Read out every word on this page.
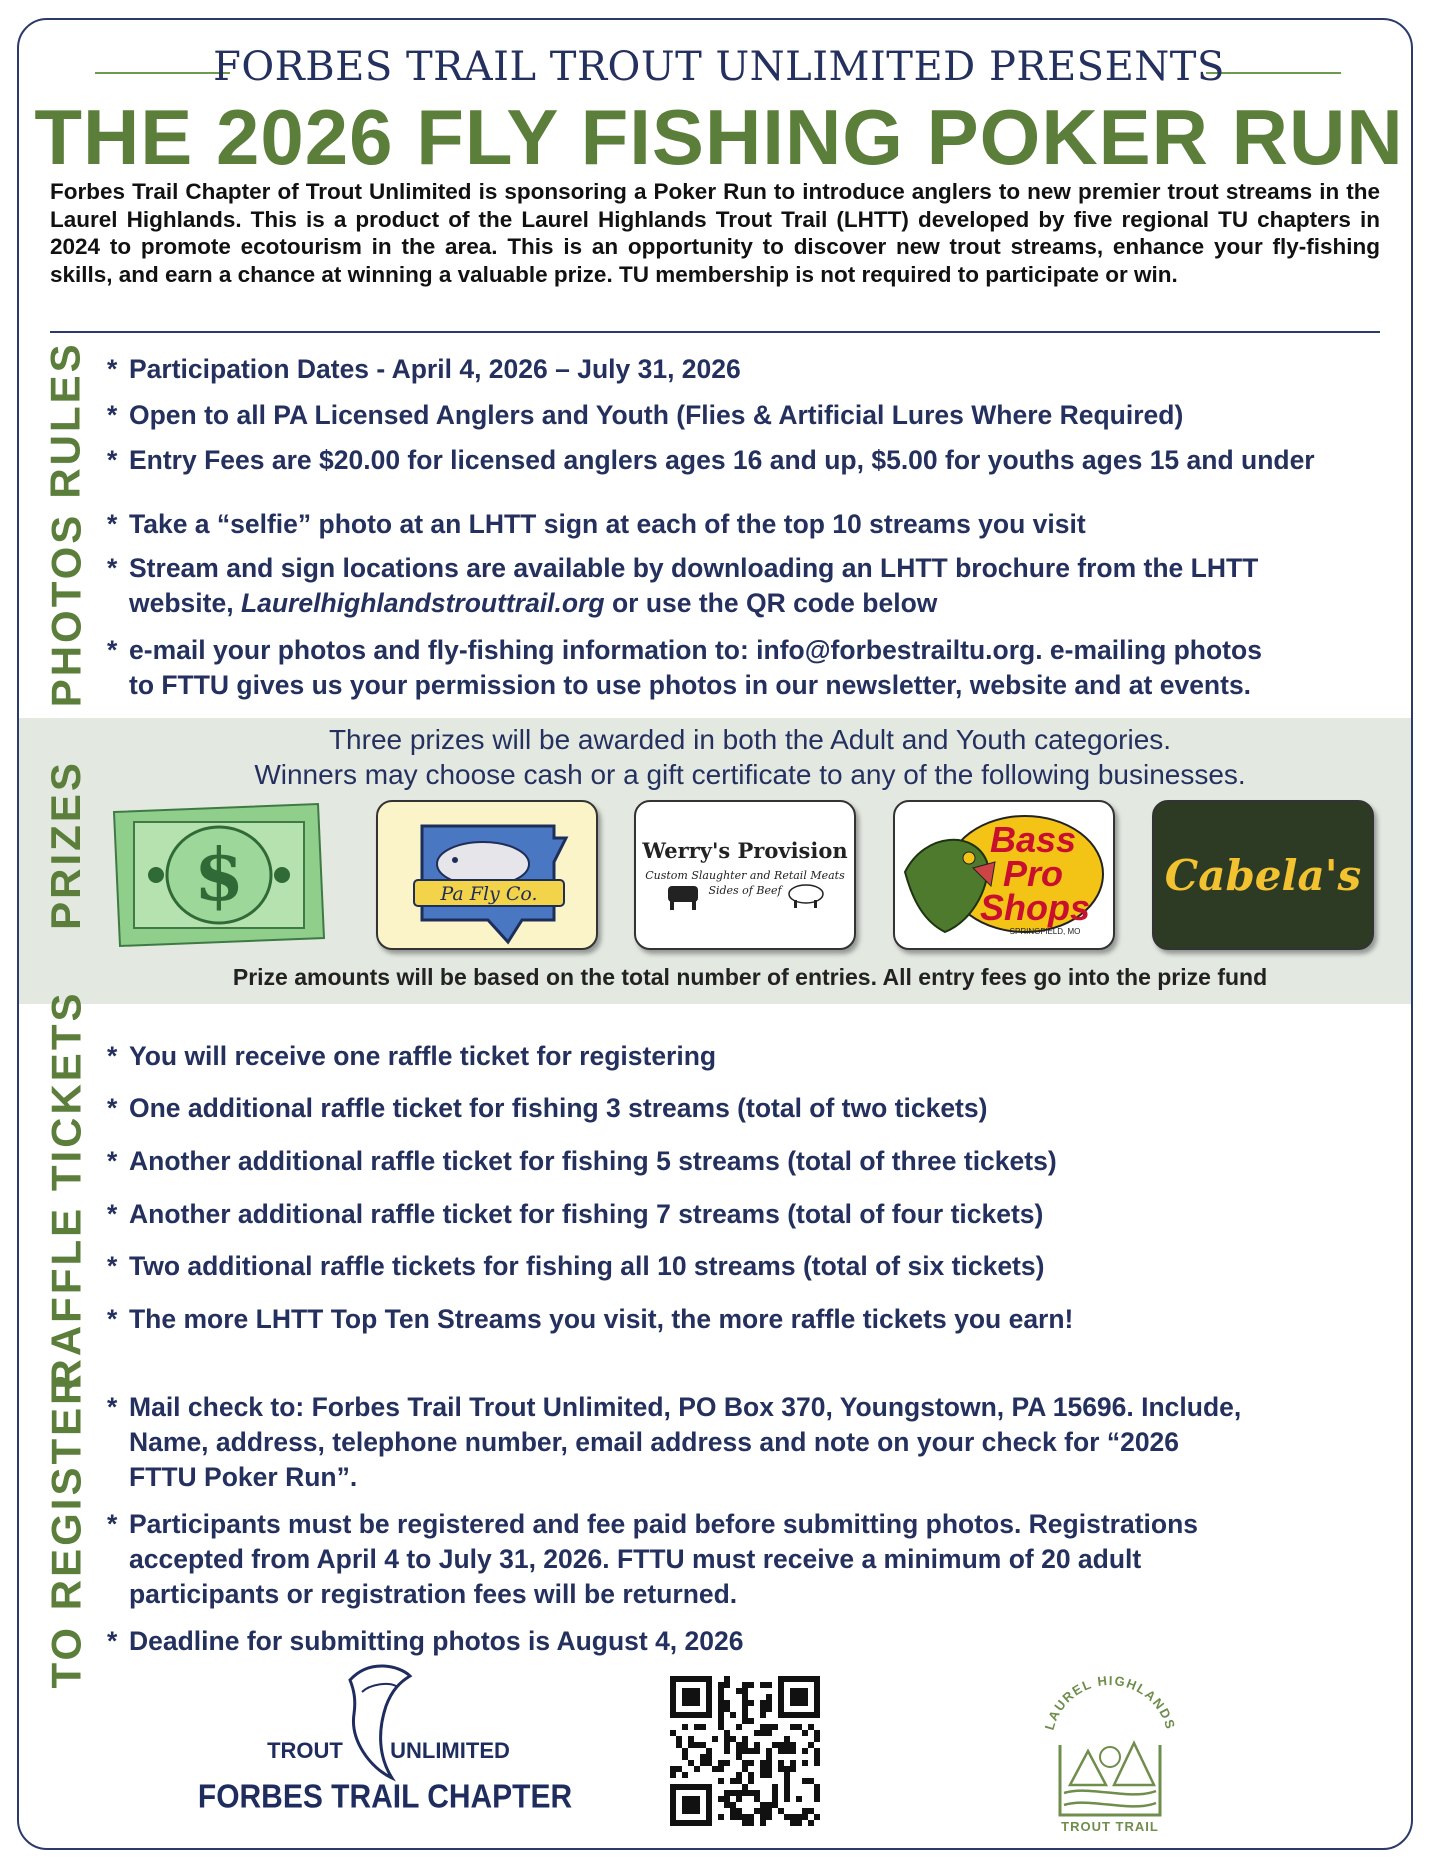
FORBES TRAIL TROUT UNLIMITED PRESENTS
THE 2026 FLY FISHING POKER RUN
Forbes Trail Chapter of Trout Unlimited is sponsoring a Poker Run to introduce anglers to new premier trout streams in the Laurel Highlands. This is a product of the Laurel Highlands Trout Trail (LHTT) developed by five regional TU chapters in 2024 to promote ecotourism in the area. This is an opportunity to discover new trout streams, enhance your fly-fishing skills, and earn a chance at winning a valuable prize. TU membership is not required to participate or win.
RULES
PHOTOS
PRIZES
RAFFLE TICKETS
TO REGISTER
* Participation Dates - April 4, 2026 – July 31, 2026
* Open to all PA Licensed Anglers and Youth (Flies & Artificial Lures Where Required)
* Entry Fees are $20.00 for licensed anglers ages 16 and up, $5.00 for youths ages 15 and under
* Take a “selfie” photo at an LHTT sign at each of the top 10 streams you visit
* Stream and sign locations are available by downloading an LHTT brochure from the LHTT
website, Laurelhighlandstrouttrail.org or use the QR code below
* e-mail your photos and fly-fishing information to: info@forbestrailtu.org. e-mailing photos
to FTTU gives us your permission to use photos in our newsletter, website and at events.
Three prizes will be awarded in both the Adult and Youth categories.
Winners may choose cash or a gift certificate to any of the following businesses.
$	Pa Fly Co.
Werry's Provision
Custom Slaughter and Retail Meats
Sides of Beef
Bass
Pro
Shops
SPRINGFIELD, MO
Cabela's
Prize amounts will be based on the total number of entries. All entry fees go into the prize fund
* You will receive one raffle ticket for registering
* One additional raffle ticket for fishing 3 streams (total of two tickets)
* Another additional raffle ticket for fishing 5 streams (total of three tickets)
* Another additional raffle ticket for fishing 7 streams (total of four tickets)
* Two additional raffle tickets for fishing all 10 streams (total of six tickets)
* The more LHTT Top Ten Streams you visit, the more raffle tickets you earn!
* Mail check to: Forbes Trail Trout Unlimited, PO Box 370, Youngstown, PA 15696. Include,
Name, address, telephone number, email address and note on your check for “2026
FTTU Poker Run”.
* Participants must be registered and fee paid before submitting photos. Registrations
accepted from April 4 to July 31, 2026. FTTU must receive a minimum of 20 adult
participants or registration fees will be returned.
* Deadline for submitting photos is August 4, 2026
TROUT UNLIMITED
FORBES TRAIL CHAPTER
LAUREL HIGHLANDS
TROUT TRAIL
